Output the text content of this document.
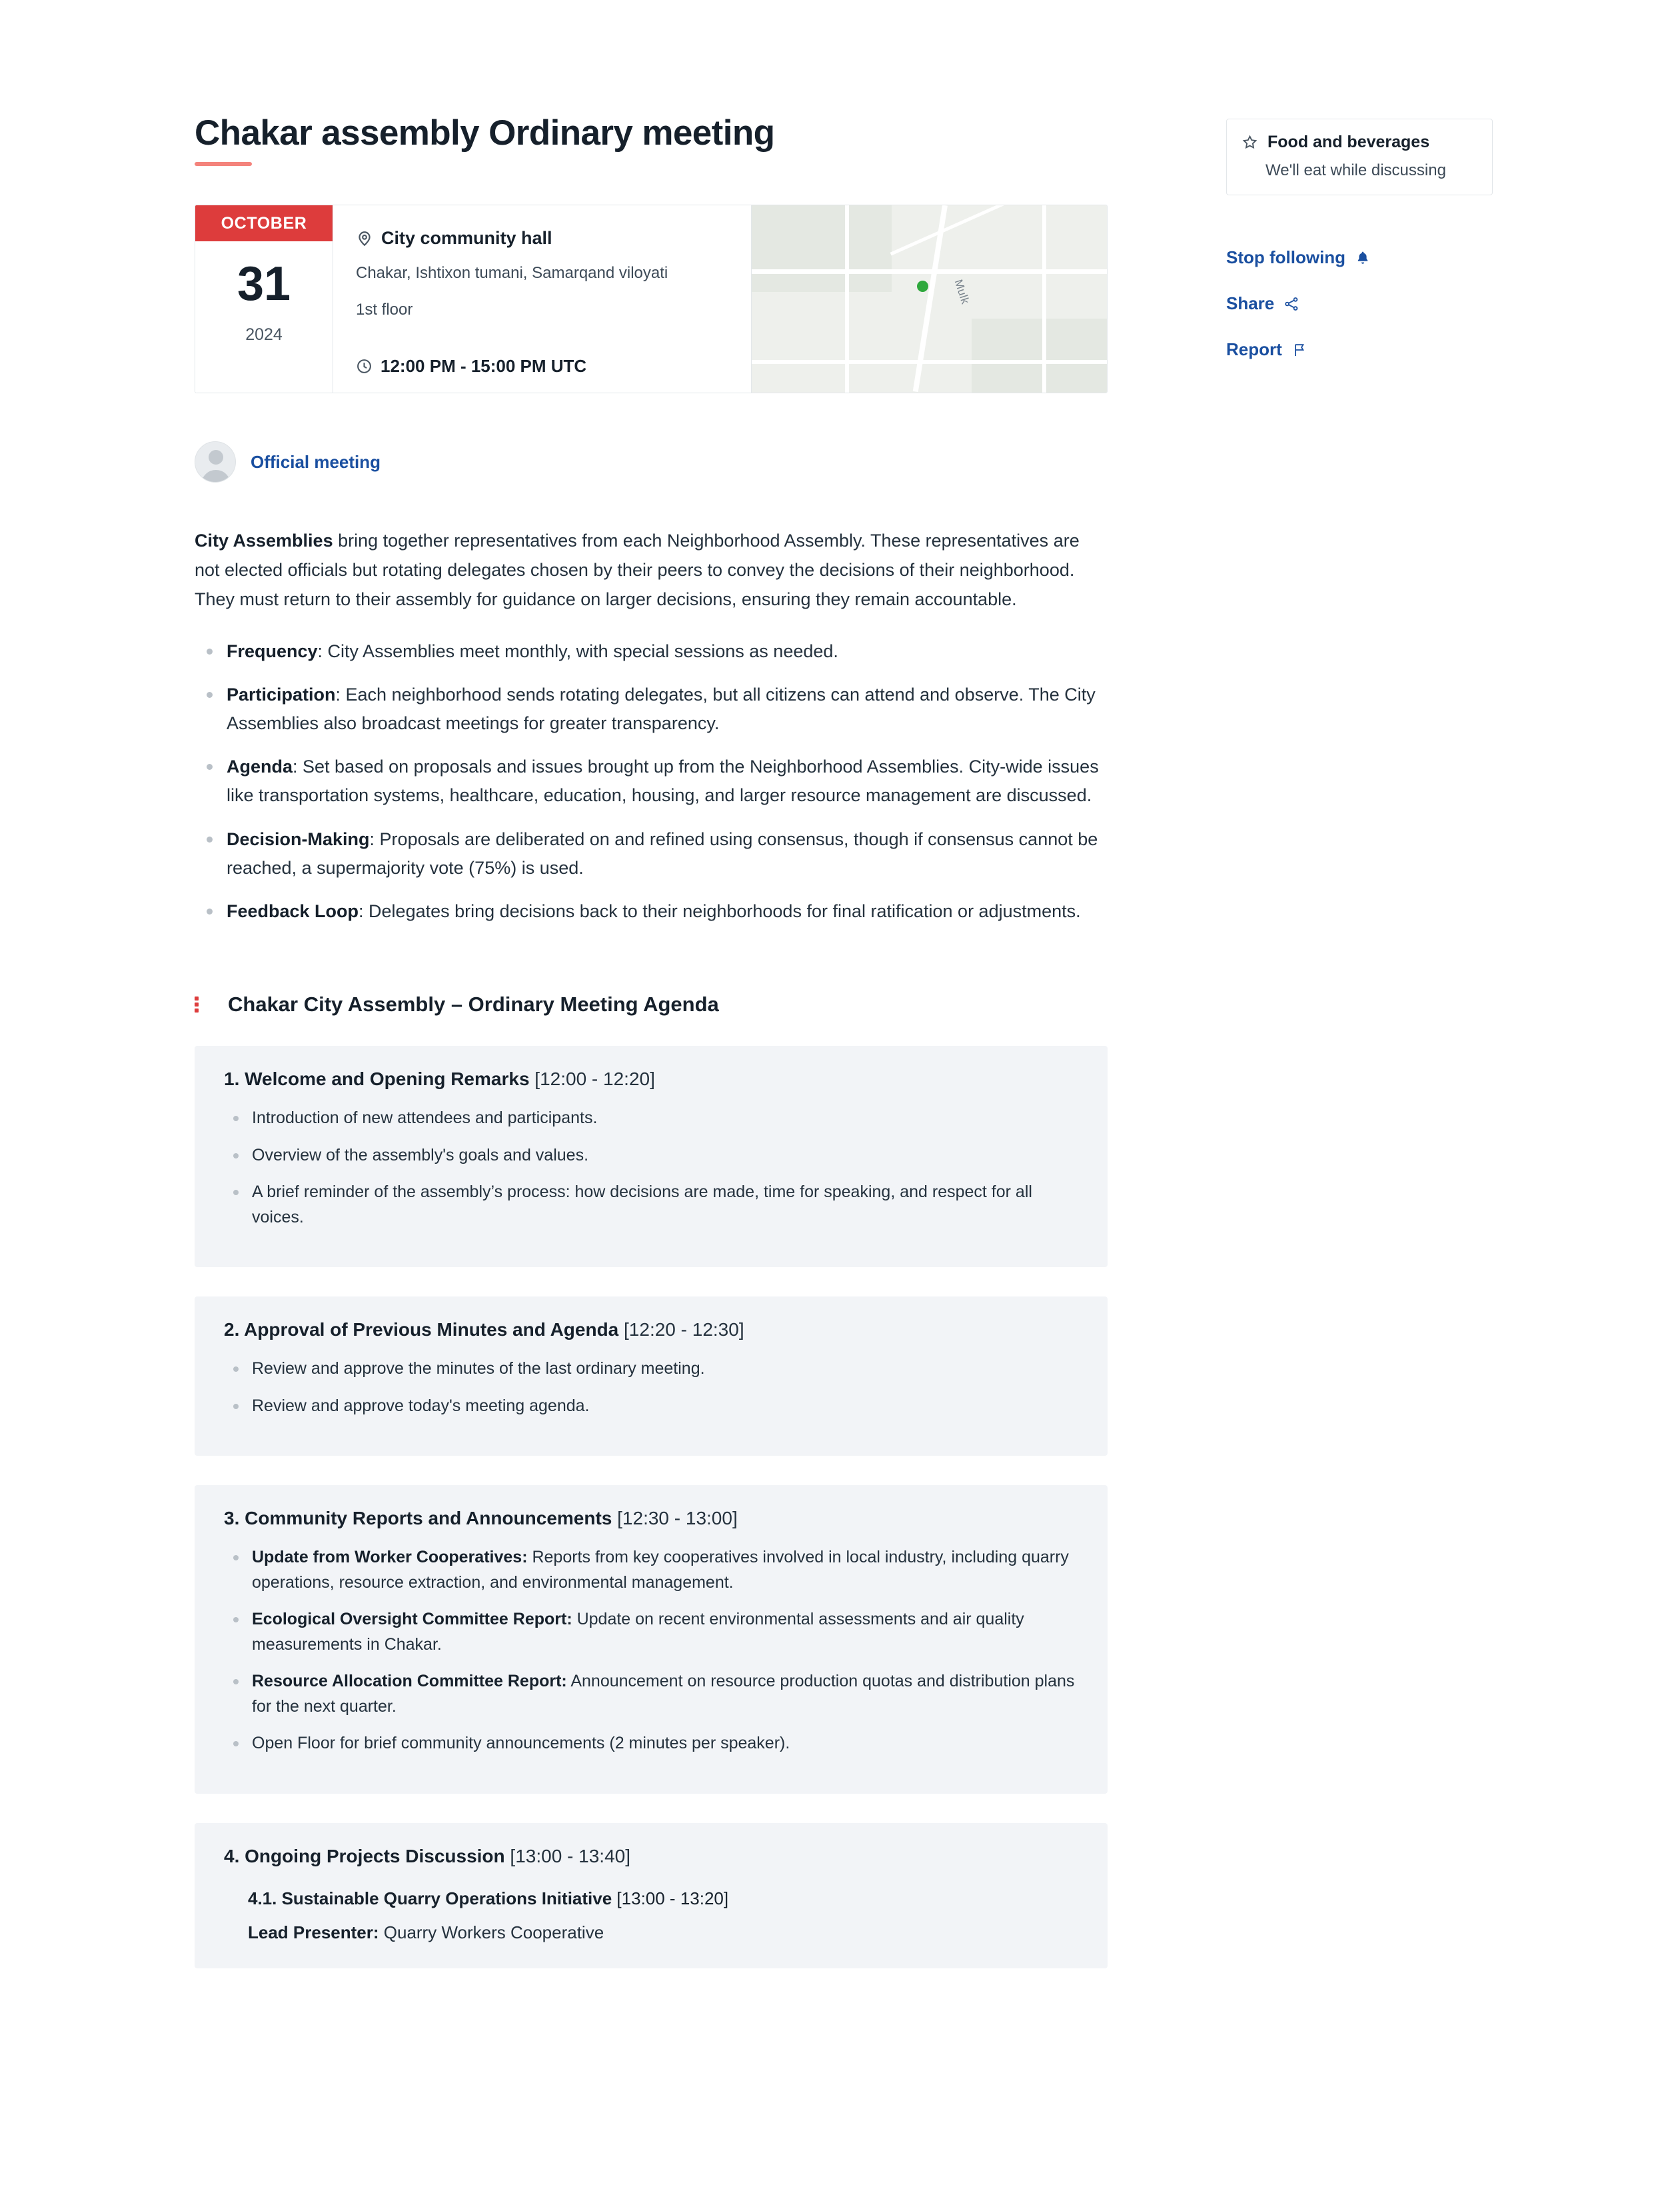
Chakar assembly Ordinary meeting
OCTOBER
31
2024
City community hall
Chakar, Ishtixon tumani, Samarqand viloyati
1st floor
12:00 PM - 15:00 PM UTC
Mulk
Official meeting
City Assemblies bring together representatives from each Neighborhood Assembly. These representatives are not elected officials but rotating delegates chosen by their peers to convey the decisions of their neighborhood. They must return to their assembly for guidance on larger decisions, ensuring they remain accountable.
Frequency: City Assemblies meet monthly, with special sessions as needed.
Participation: Each neighborhood sends rotating delegates, but all citizens can attend and observe. The City Assemblies also broadcast meetings for greater transparency.
Agenda: Set based on proposals and issues brought up from the Neighborhood Assemblies. City-wide issues like transportation systems, healthcare, education, housing, and larger resource management are discussed.
Decision-Making: Proposals are deliberated on and refined using consensus, though if consensus cannot be reached, a supermajority vote (75%) is used.
Feedback Loop: Delegates bring decisions back to their neighborhoods for final ratification or adjustments.
Chakar City Assembly – Ordinary Meeting Agenda
1. Welcome and Opening Remarks [12:00 - 12:20]
Introduction of new attendees and participants.
Overview of the assembly's goals and values.
A brief reminder of the assembly’s process: how decisions are made, time for speaking, and respect for all voices.
2. Approval of Previous Minutes and Agenda [12:20 - 12:30]
Review and approve the minutes of the last ordinary meeting.
Review and approve today's meeting agenda.
3. Community Reports and Announcements [12:30 - 13:00]
Update from Worker Cooperatives: Reports from key cooperatives involved in local industry, including quarry operations, resource extraction, and environmental management.
Ecological Oversight Committee Report: Update on recent environmental assessments and air quality measurements in Chakar.
Resource Allocation Committee Report: Announcement on resource production quotas and distribution plans for the next quarter.
Open Floor for brief community announcements (2 minutes per speaker).
4. Ongoing Projects Discussion [13:00 - 13:40]
4.1. Sustainable Quarry Operations Initiative [13:00 - 13:20]
Lead Presenter: Quarry Workers Cooperative
Food and beverages
We'll eat while discussing
Stop following
Share
Report
